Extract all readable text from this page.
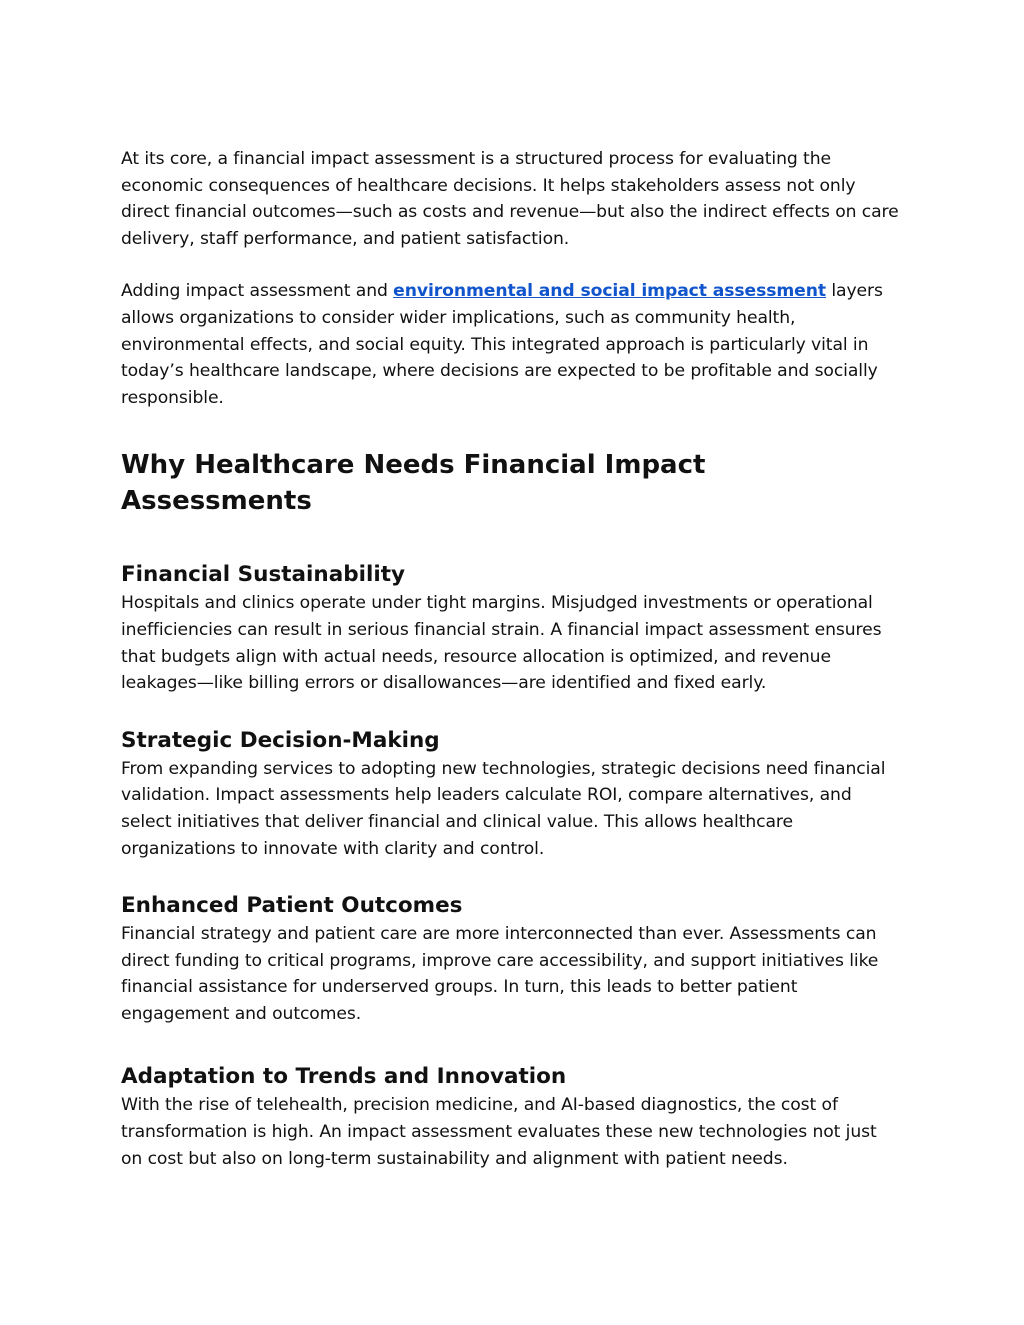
At its core, a financial impact assessment is a structured process for evaluating the economic consequences of healthcare decisions. It helps stakeholders assess not only direct financial outcomes—such as costs and revenue—but also the indirect effects on care delivery, staff performance, and patient satisfaction.

Adding impact assessment and environmental and social impact assessment layers allows organizations to consider wider implications, such as community health, environmental effects, and social equity. This integrated approach is particularly vital in today’s healthcare landscape, where decisions are expected to be profitable and socially responsible.

Why Healthcare Needs Financial Impact Assessments
Financial Sustainability

Hospitals and clinics operate under tight margins. Misjudged investments or operational inefficiencies can result in serious financial strain. A financial impact assessment ensures that budgets align with actual needs, resource allocation is optimized, and revenue leakages—like billing errors or disallowances—are identified and fixed early.

Strategic Decision-Making

From expanding services to adopting new technologies, strategic decisions need financial validation. Impact assessments help leaders calculate ROI, compare alternatives, and select initiatives that deliver financial and clinical value. This allows healthcare organizations to innovate with clarity and control.

Enhanced Patient Outcomes

Financial strategy and patient care are more interconnected than ever. Assessments can direct funding to critical programs, improve care accessibility, and support initiatives like financial assistance for underserved groups. In turn, this leads to better patient engagement and outcomes.

Adaptation to Trends and Innovation

With the rise of telehealth, precision medicine, and AI-based diagnostics, the cost of transformation is high. An impact assessment evaluates these new technologies not just on cost but also on long-term sustainability and alignment with patient needs.
